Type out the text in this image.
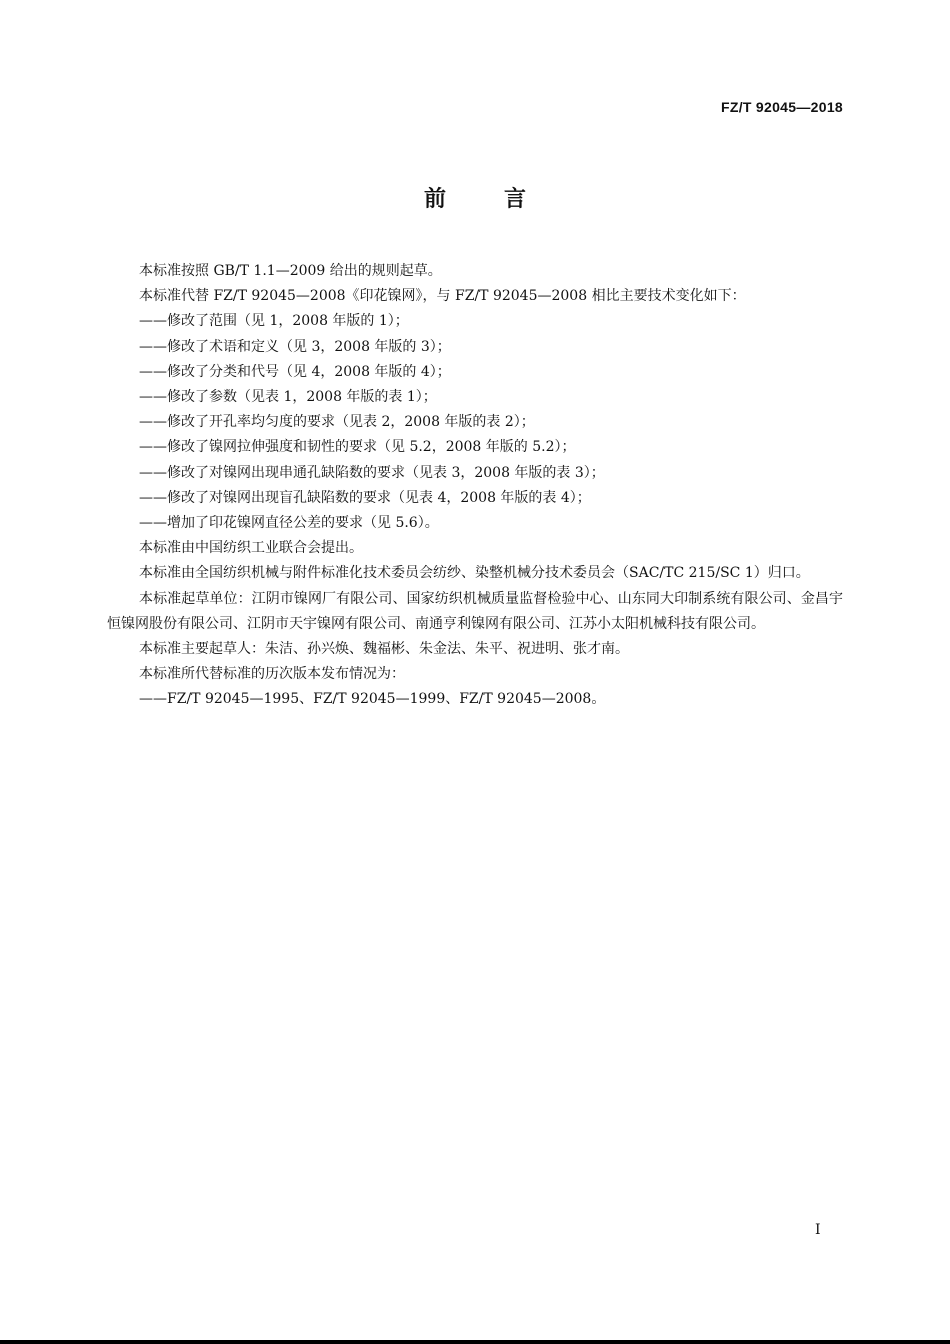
FZ/T 92045—2018
前言

本标准按照 GB/T 1.1—2009 给出的规则起草。

本标准代替 FZ/T 92045—2008《印花镍网》，与 FZ/T 92045—2008 相比主要技术变化如下：

——修改了范围（见 1，2008 年版的 1）；

——修改了术语和定义（见 3，2008 年版的 3）；

——修改了分类和代号（见 4，2008 年版的 4）；

——修改了参数（见表 1，2008 年版的表 1）；

——修改了开孔率均匀度的要求（见表 2，2008 年版的表 2）；

——修改了镍网拉伸强度和韧性的要求（见 5.2，2008 年版的 5.2）；

——修改了对镍网出现串通孔缺陷数的要求（见表 3，2008 年版的表 3）；

——修改了对镍网出现盲孔缺陷数的要求（见表 4，2008 年版的表 4）；

——增加了印花镍网直径公差的要求（见 5.6）。

本标准由中国纺织工业联合会提出。

本标准由全国纺织机械与附件标准化技术委员会纺纱、染整机械分技术委员会（SAC/TC 215/SC 1）归口。

本标准起草单位：江阴市镍网厂有限公司、国家纺织机械质量监督检验中心、山东同大印制系统有限公司、金昌宇恒镍网股份有限公司、江阴市天宇镍网有限公司、南通亨利镍网有限公司、江苏小太阳机械科技有限公司。

本标准主要起草人：朱洁、孙兴焕、魏福彬、朱金法、朱平、祝进明、张才南。

本标准所代替标准的历次版本发布情况为：

——FZ/T 92045—1995、FZ/T 92045—1999、FZ/T 92045—2008。

I
